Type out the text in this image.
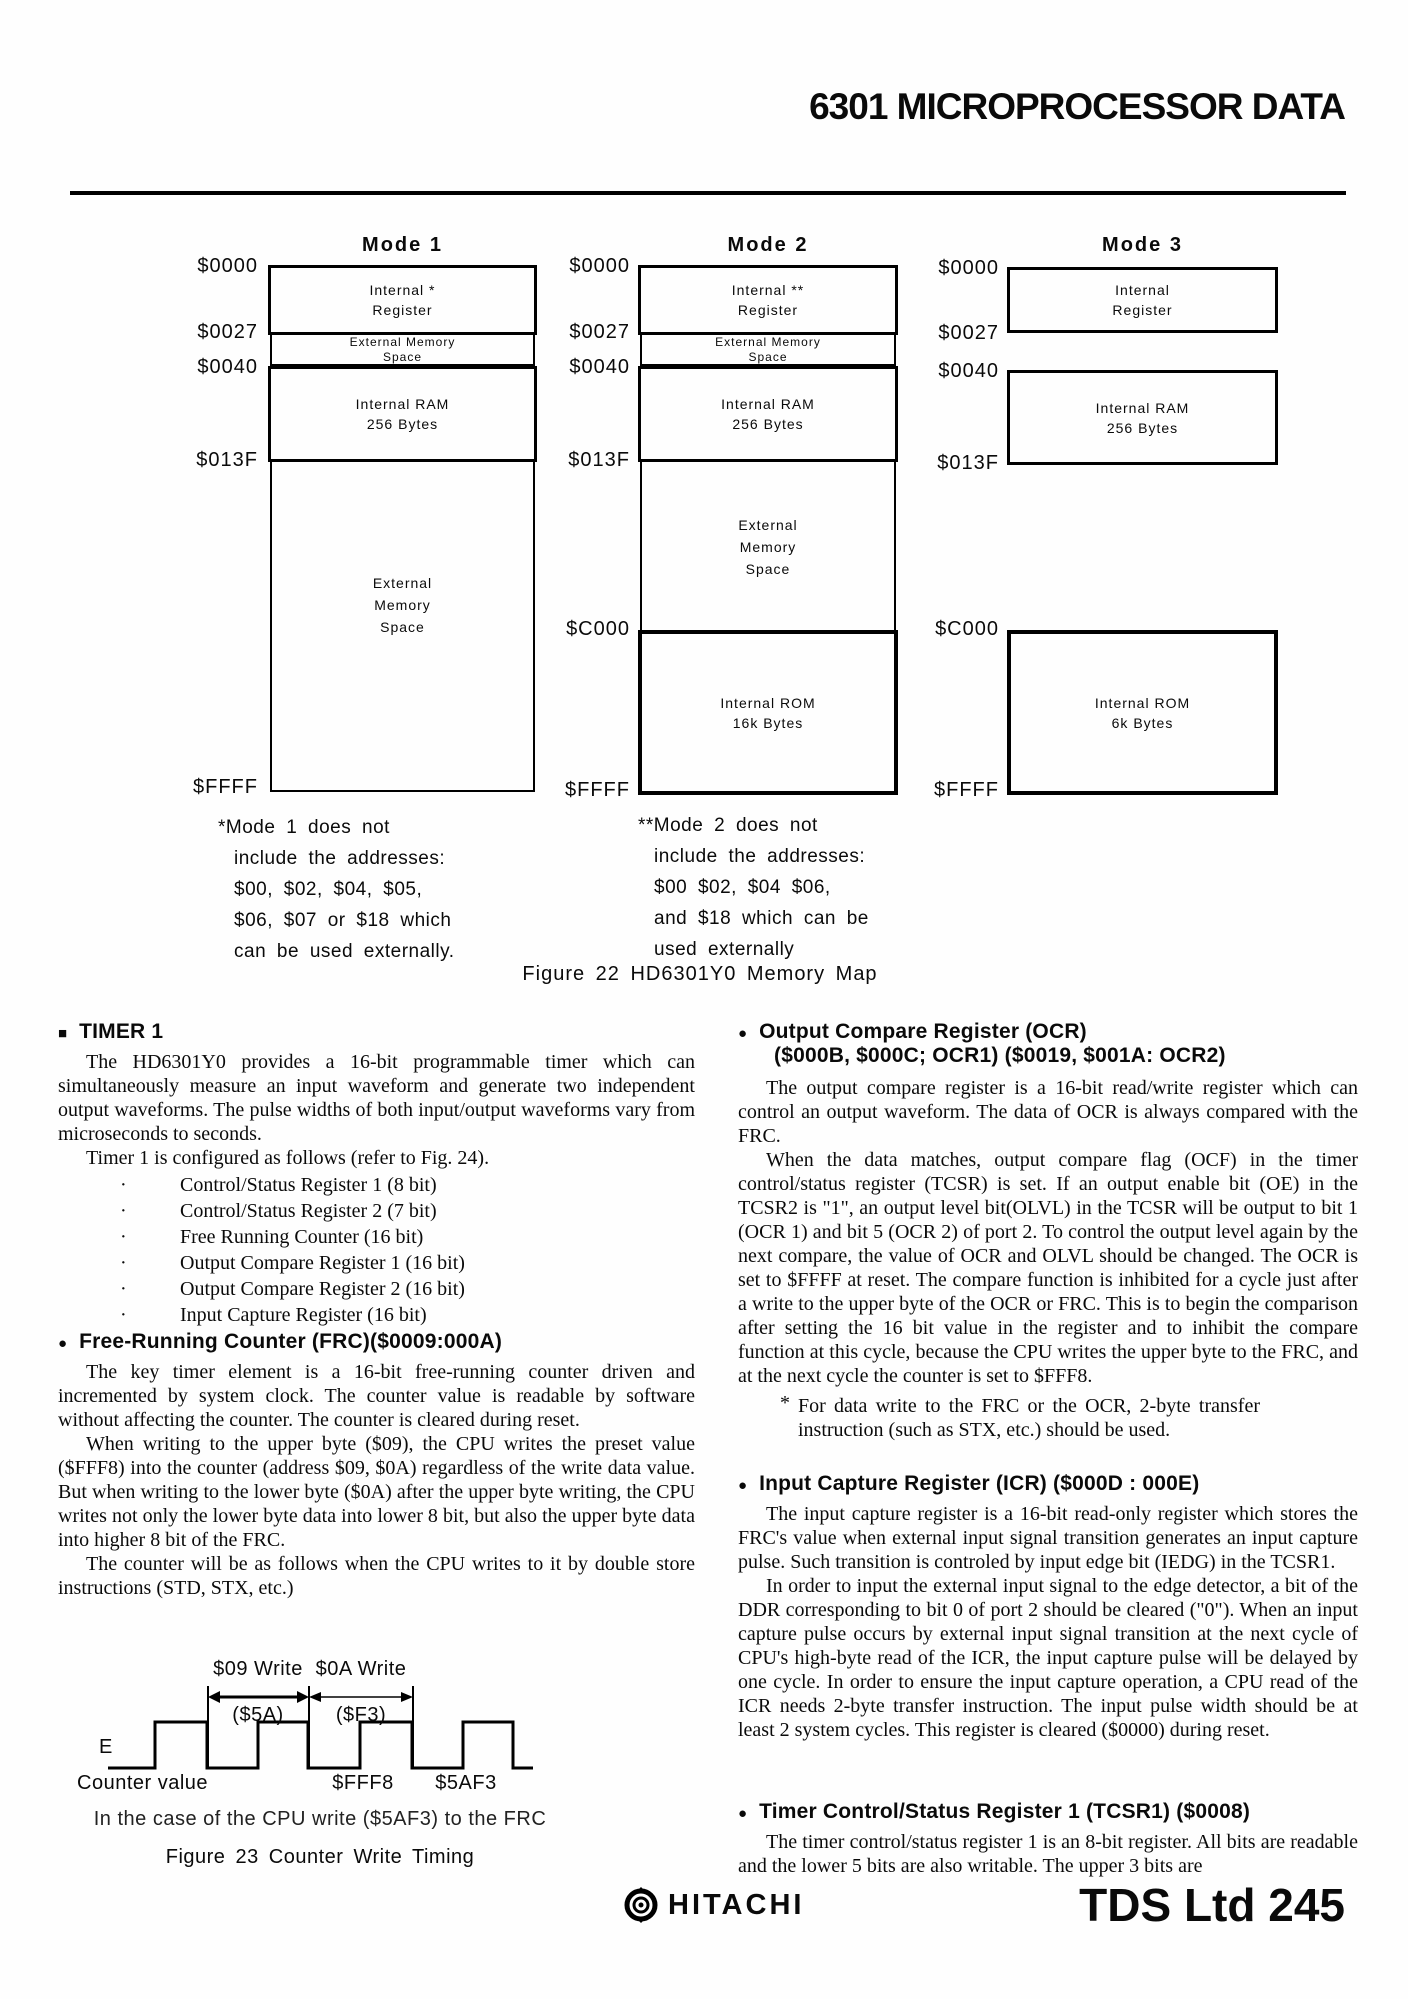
6301 MICROPROCESSOR DATA
Mode 1
$0000
$0027
$0040
$013F
$FFFF
Internal *
Register
External Memory
Space
Internal RAM
256 Bytes
External
Memory
Space
Mode 2
$0000
$0027
$0040
$013F
$C000
$FFFF
Internal **
Register
External Memory
Space
Internal RAM
256 Bytes
External
Memory
Space
Internal ROM
16k Bytes
Mode 3
$0000
$0027
$0040
$013F
$C000
$FFFF
Internal
Register
Internal RAM
256 Bytes
Internal ROM
6k Bytes
*Mode 1 does not
include the addresses:
$00, $02, $04, $05,
$06, $07 or $18 which
can be used externally.
**Mode 2 does not
include the addresses:
$00 $02, $04 $06,
and $18 which can be
used externally
Figure 22 HD6301Y0 Memory Map
■ TIMER 1
The HD6301Y0 provides a 16-bit programmable timer which can simultaneously measure an input waveform and generate two independent output waveforms. The pulse widths of both input/output waveforms vary from microseconds to seconds.
Timer 1 is configured as follows (refer to Fig. 24).
·	Control/Status Register 1 (8 bit)
·	Control/Status Register 2 (7 bit)
·	Free Running Counter (16 bit)
·	Output Compare Register 1 (16 bit)
·	Output Compare Register 2 (16 bit)
·	Input Capture Register (16 bit)
● Free-Running Counter (FRC)($0009:000A)
The key timer element is a 16-bit free-running counter driven and incremented by system clock. The counter value is readable by software without affecting the counter. The counter is cleared during reset.
When writing to the upper byte ($09), the CPU writes the preset value ($FFF8) into the counter (address $09, $0A) regardless of the write data value. But when writing to the lower byte ($0A) after the upper byte writing, the CPU writes not only the lower byte data into lower 8 bit, but also the upper byte data into higher 8 bit of the FRC.
The counter will be as follows when the CPU writes to it by double store instructions (STD, STX, etc.)
$09 Write $0A Write
($5A)	($F3)
E
Counter value	$FFF8	$5AF3
In the case of the CPU write ($5AF3) to the FRC
Figure 23 Counter Write Timing
● Output Compare Register (OCR)
($000B, $000C; OCR1) ($0019, $001A: OCR2)
The output compare register is a 16-bit read/write register which can control an output waveform. The data of OCR is always compared with the FRC.
When the data matches, output compare flag (OCF) in the timer control/status register (TCSR) is set. If an output enable bit (OE) in the TCSR2 is "1", an output level bit(OLVL) in the TCSR will be output to bit 1 (OCR 1) and bit 5 (OCR 2) of port 2. To control the output level again by the next compare, the value of OCR and OLVL should be changed. The OCR is set to $FFFF at reset. The compare function is inhibited for a cycle just after a write to the upper byte of the OCR or FRC. This is to begin the comparison after setting the 16 bit value in the register and to inhibit the compare function at this cycle, because the CPU writes the upper byte to the FRC, and at the next cycle the counter is set to $FFF8.
* For data write to the FRC or the OCR, 2-byte transfer instruction (such as STX, etc.) should be used.
● Input Capture Register (ICR) ($000D : 000E)
The input capture register is a 16-bit read-only register which stores the FRC's value when external input signal transition generates an input capture pulse. Such transition is controled by input edge bit (IEDG) in the TCSR1.
In order to input the external input signal to the edge detector, a bit of the DDR corresponding to bit 0 of port 2 should be cleared ("0"). When an input capture pulse occurs by external input signal transition at the next cycle of CPU's high-byte read of the ICR, the input capture pulse will be delayed by one cycle. In order to ensure the input capture operation, a CPU read of the ICR needs 2-byte transfer instruction. The input pulse width should be at least 2 system cycles. This register is cleared ($0000) during reset.
● Timer Control/Status Register 1 (TCSR1) ($0008)
The timer control/status register 1 is an 8-bit register. All bits are readable and the lower 5 bits are also writable. The upper 3 bits are
HITACHI	TDS Ltd 245
